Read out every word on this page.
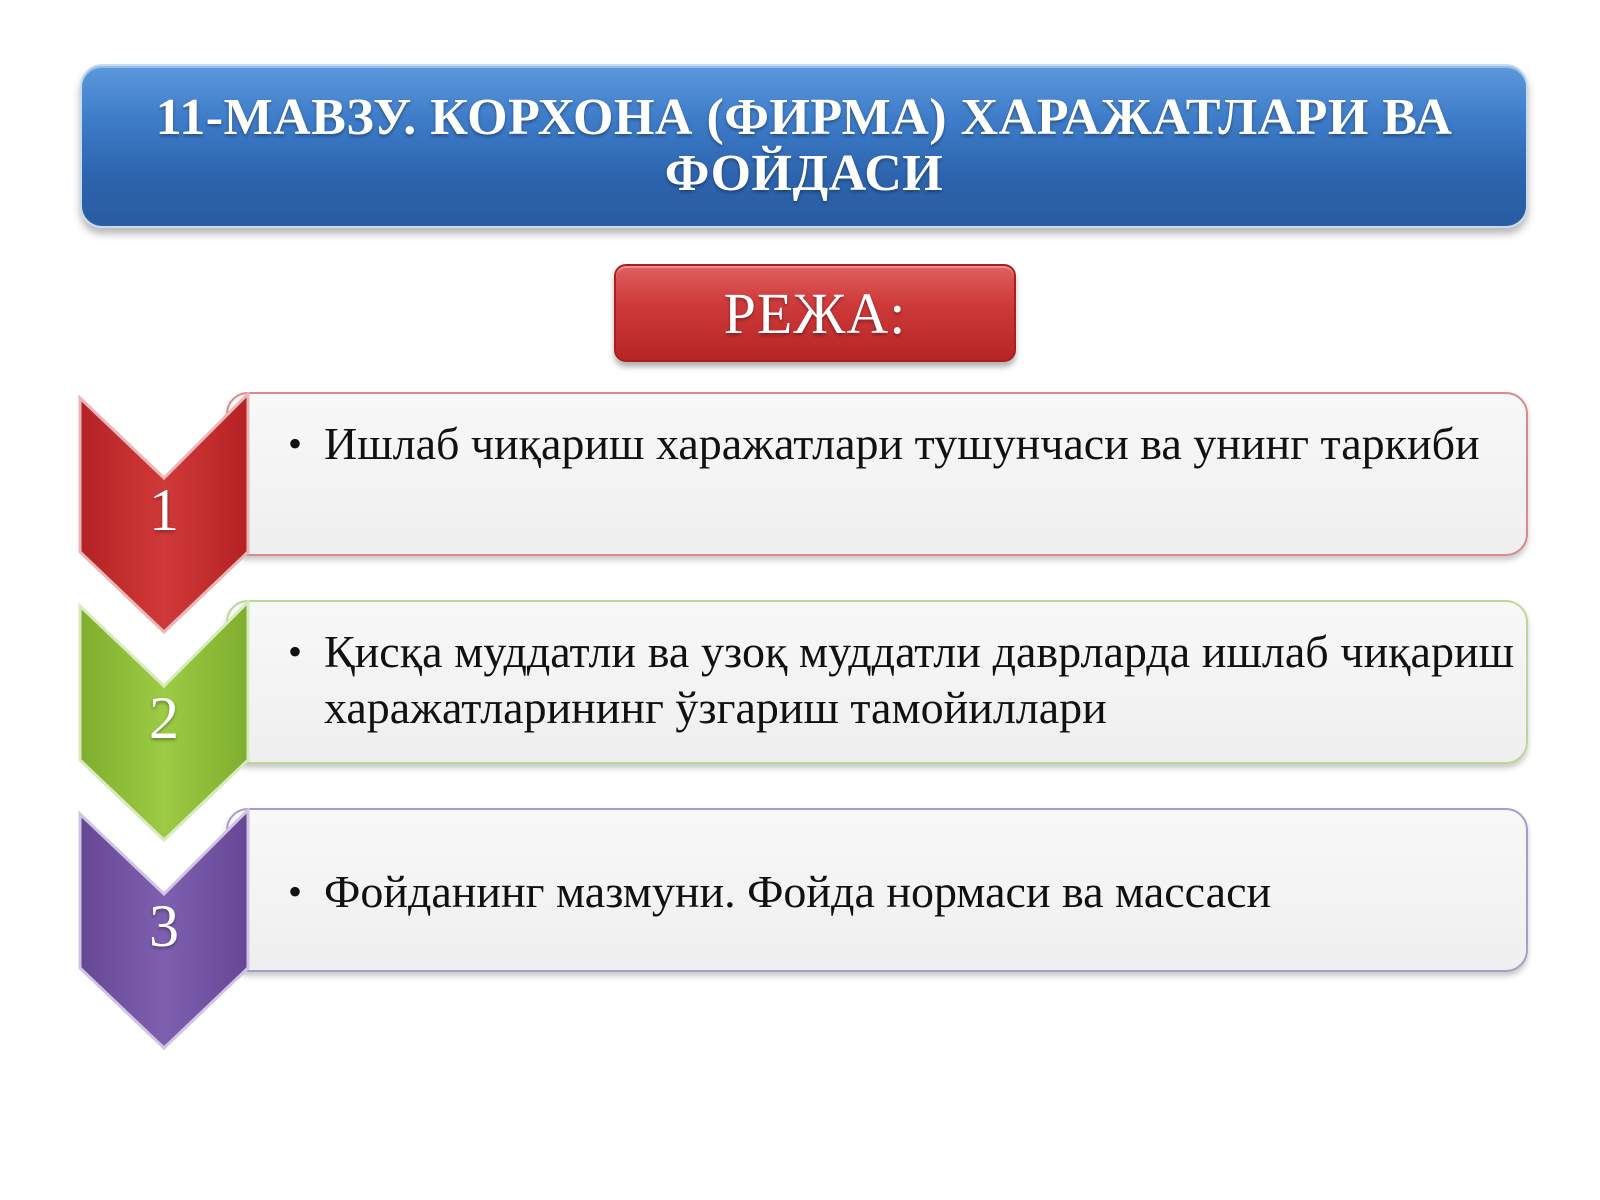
11-МАВЗУ. КОРХОНА (ФИРМА) ХАРАЖАТЛАРИ ВА ФОЙДАСИ
РЕЖА:
• Ишлаб чиқариш харажатлари тушунчаси ва унинг таркиби
1
• Қисқа муддатли ва узоқ муддатли даврларда ишлаб чиқариш харажатларининг ўзгариш тамойиллари
2
• Фойданинг мазмуни. Фойда нормаси ва массаси
3
